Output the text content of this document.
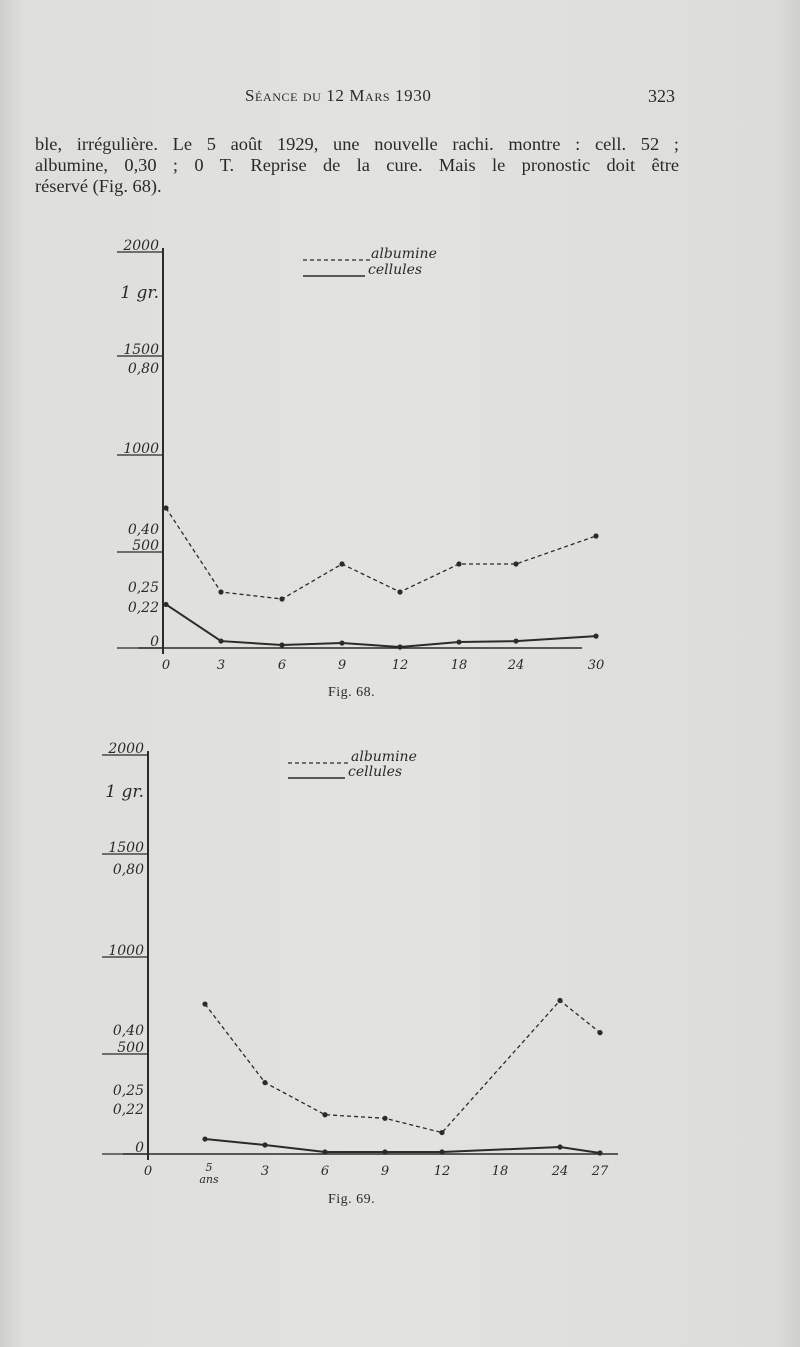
Séance du 12 Mars 1930	323
ble, irrégulière. Le 5 août 1929, une nouvelle rachi. montre : cell. 52 ;
albumine, 0,30 ; 0 T. Reprise de la cure. Mais le pronostic doit être
réservé (Fig. 68).
2000
1500
1000
500
0
1 gr.
0,80
0,40
0,25
0,22
0	3	6	9	12	18	24	30
albumine
cellules
Fig. 68.
2000
1500
1000
500
0
1 gr.
0,80
0,40
0,25
0,22
0	5
ans
3	6	9	12	18	24 27
albumine
cellules
Fig. 69.
